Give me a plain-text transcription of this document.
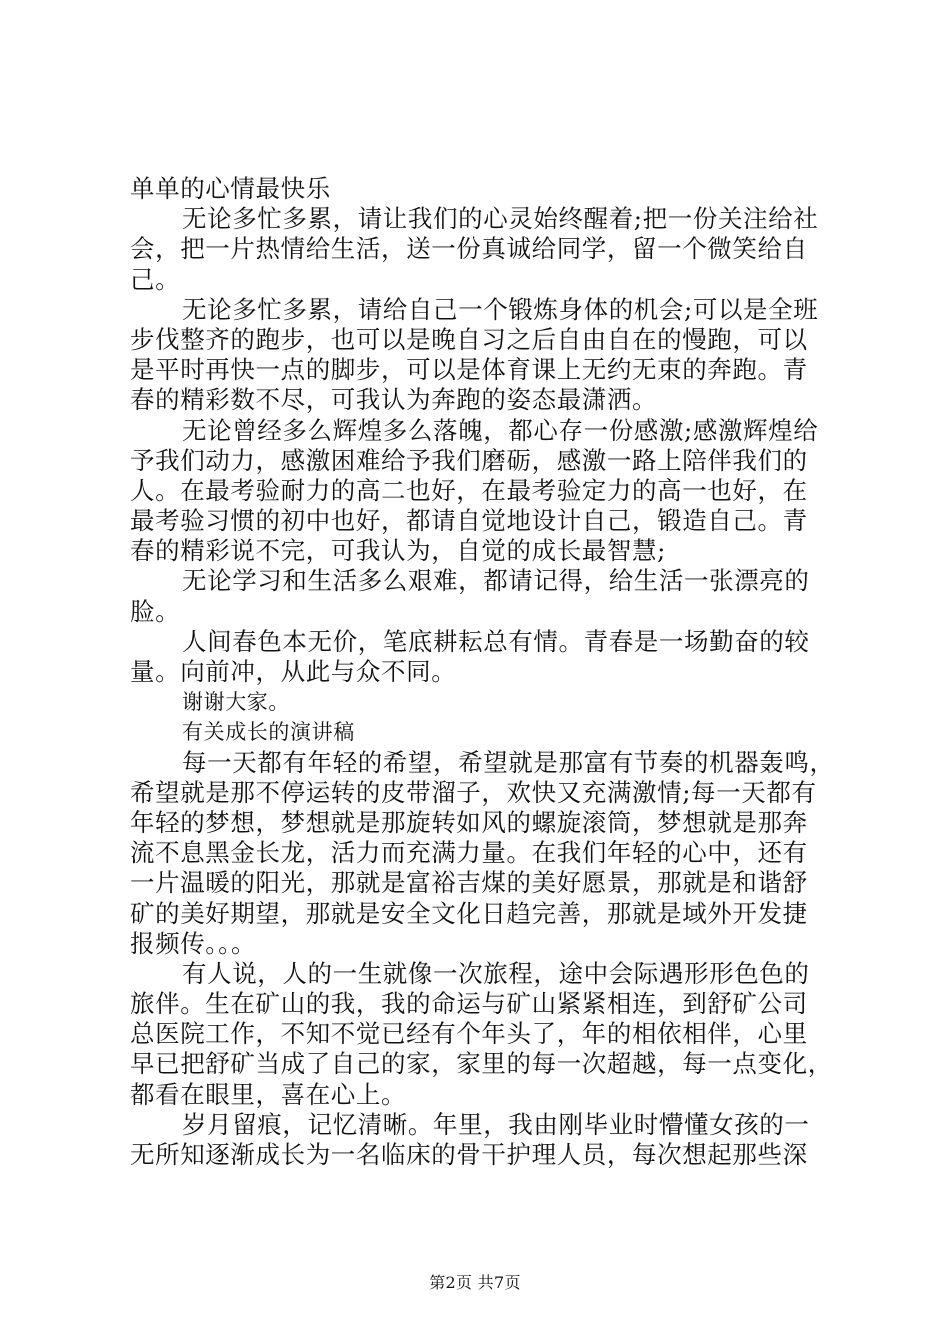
单单的心情最快乐
无论多忙多累，请让我们的心灵始终醒着;把一份关注给社
会，把一片热情给生活，送一份真诚给同学，留一个微笑给自
己。
无论多忙多累，请给自己一个锻炼身体的机会;可以是全班
步伐整齐的跑步，也可以是晚自习之后自由自在的慢跑，可以
是平时再快一点的脚步，可以是体育课上无约无束的奔跑。青
春的精彩数不尽，可我认为奔跑的姿态最潇洒。
无论曾经多么辉煌多么落魄，都心存一份感激;感激辉煌给
予我们动力，感激困难给予我们磨砺，感激一路上陪伴我们的
人。在最考验耐力的高二也好，在最考验定力的高一也好，在
最考验习惯的初中也好，都请自觉地设计自己，锻造自己。青
春的精彩说不完，可我认为，自觉的成长最智慧;
无论学习和生活多么艰难，都请记得，给生活一张漂亮的
脸。
人间春色本无价，笔底耕耘总有情。青春是一场勤奋的较
量。向前冲，从此与众不同。
谢谢大家。
有关成长的演讲稿
每一天都有年轻的希望，希望就是那富有节奏的机器轰鸣，
希望就是那不停运转的皮带溜子，欢快又充满激情;每一天都有
年轻的梦想，梦想就是那旋转如风的螺旋滚筒，梦想就是那奔
流不息黑金长龙，活力而充满力量。在我们年轻的心中，还有
一片温暖的阳光，那就是富裕吉煤的美好愿景，那就是和谐舒
矿的美好期望，那就是安全文化日趋完善，那就是域外开发捷
报频传。。。
有人说，人的一生就像一次旅程，途中会际遇形形色色的
旅伴。生在矿山的我，我的命运与矿山紧紧相连，到舒矿公司
总医院工作，不知不觉已经有个年头了，年的相依相伴，心里
早已把舒矿当成了自己的家，家里的每一次超越，每一点变化，
都看在眼里，喜在心上。
岁月留痕，记忆清晰。年里，我由刚毕业时懵懂女孩的一
无所知逐渐成长为一名临床的骨干护理人员，每次想起那些深
第2页 共7页
